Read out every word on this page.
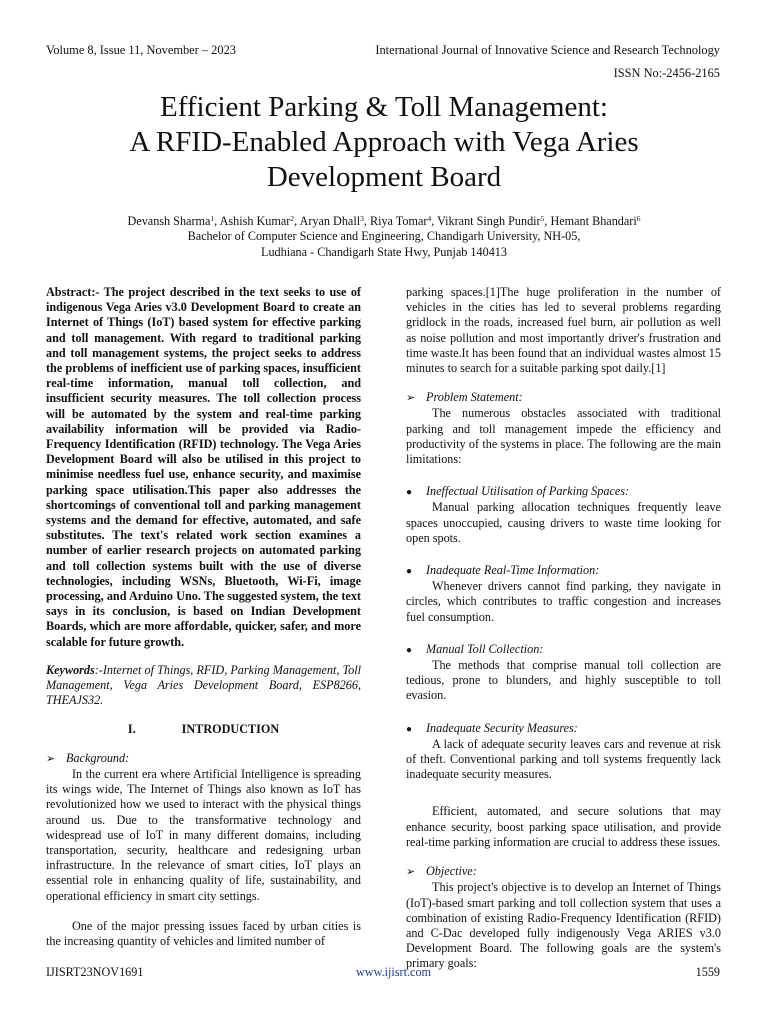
Volume 8, Issue 11, November – 2023	International Journal of Innovative Science and Research Technology
ISSN No:-2456-2165
Efficient Parking & Toll Management:
A RFID-Enabled Approach with Vega Aries
Development Board
Devansh Sharma$^1$, Ashish Kumar$^2$, Aryan Dhall$^3$, Riya Tomar$^4$, Vikrant Singh Pundir$^5$, Hemant Bhandari$^6$
Bachelor of Computer Science and Engineering, Chandigarh University, NH-05,
Ludhiana - Chandigarh State Hwy, Punjab 140413

Abstract:- The project described in the text seeks to use of indigenous Vega Aries v3.0 Development Board to create an Internet of Things (IoT) based system for effective parking and toll management. With regard to traditional parking and toll management systems, the project seeks to address the problems of inefficient use of parking spaces, insufficient real-time information, manual toll collection, and insufficient security measures. The toll collection process will be automated by the system and real-time parking availability information will be provided via Radio-Frequency Identification (RFID) technology. The Vega Aries Development Board will also be utilised in this project to minimise needless fuel use, enhance security, and maximise parking space utilisation.This paper also addresses the shortcomings of conventional toll and parking management systems and the demand for effective, automated, and safe substitutes. The text's related work section examines a number of earlier research projects on automated parking and toll collection systems built with the use of diverse technologies, including WSNs, Bluetooth, Wi-Fi, image processing, and Arduino Uno. The suggested system, the text says in its conclusion, is based on Indian Development Boards, which are more affordable, quicker, safer, and more scalable for future growth.

Keywords:-Internet of Things, RFID, Parking Management, Toll Management, Vega Aries Development Board, ESP8266, THEAJS32.

I.	INTRODUCTION
➢ Background:

In the current era where Artificial Intelligence is spreading its wings wide, The Internet of Things also known as IoT has revolutionized how we used to interact with the physical things around us. Due to the transformative technology and widespread use of IoT in many different domains, including transportation, security, healthcare and redesigning urban infrastructure. In the relevance of smart cities, IoT plays an essential role in enhancing quality of life, sustainability, and operational efficiency in smart city settings.

One of the major pressing issues faced by urban cities is the increasing quantity of vehicles and limited number of

parking spaces.[1]The huge proliferation in the number of vehicles in the cities has led to several problems regarding gridlock in the roads, increased fuel burn, air pollution as well as noise pollution and most importantly driver's frustration and time waste.It has been found that an individual wastes almost 15 minutes to search for a suitable parking spot daily.[1]

➢ Problem Statement:

The numerous obstacles associated with traditional parking and toll management impede the efficiency and productivity of the systems in place. The following are the main limitations:

●	Ineffectual Utilisation of Parking Spaces:

Manual parking allocation techniques frequently leave spaces unoccupied, causing drivers to waste time looking for open spots.

●	Inadequate Real-Time Information:

Whenever drivers cannot find parking, they navigate in circles, which contributes to traffic congestion and increases fuel consumption.

●	Manual Toll Collection:

The methods that comprise manual toll collection are tedious, prone to blunders, and highly susceptible to toll evasion.

●	Inadequate Security Measures:

A lack of adequate security leaves cars and revenue at risk of theft. Conventional parking and toll systems frequently lack inadequate security measures.

Efficient, automated, and secure solutions that may enhance security, boost parking space utilisation, and provide real-time parking information are crucial to address these issues.

➢ Objective:

This project's objective is to develop an Internet of Things (IoT)-based smart parking and toll collection system that uses a combination of existing Radio-Frequency Identification (RFID) and C-Dac developed fully indigenously Vega ARIES v3.0 Development Board. The following goals are the system's primary goals:

IJISRT23NOV1691	www.ijisrt.com	1559
